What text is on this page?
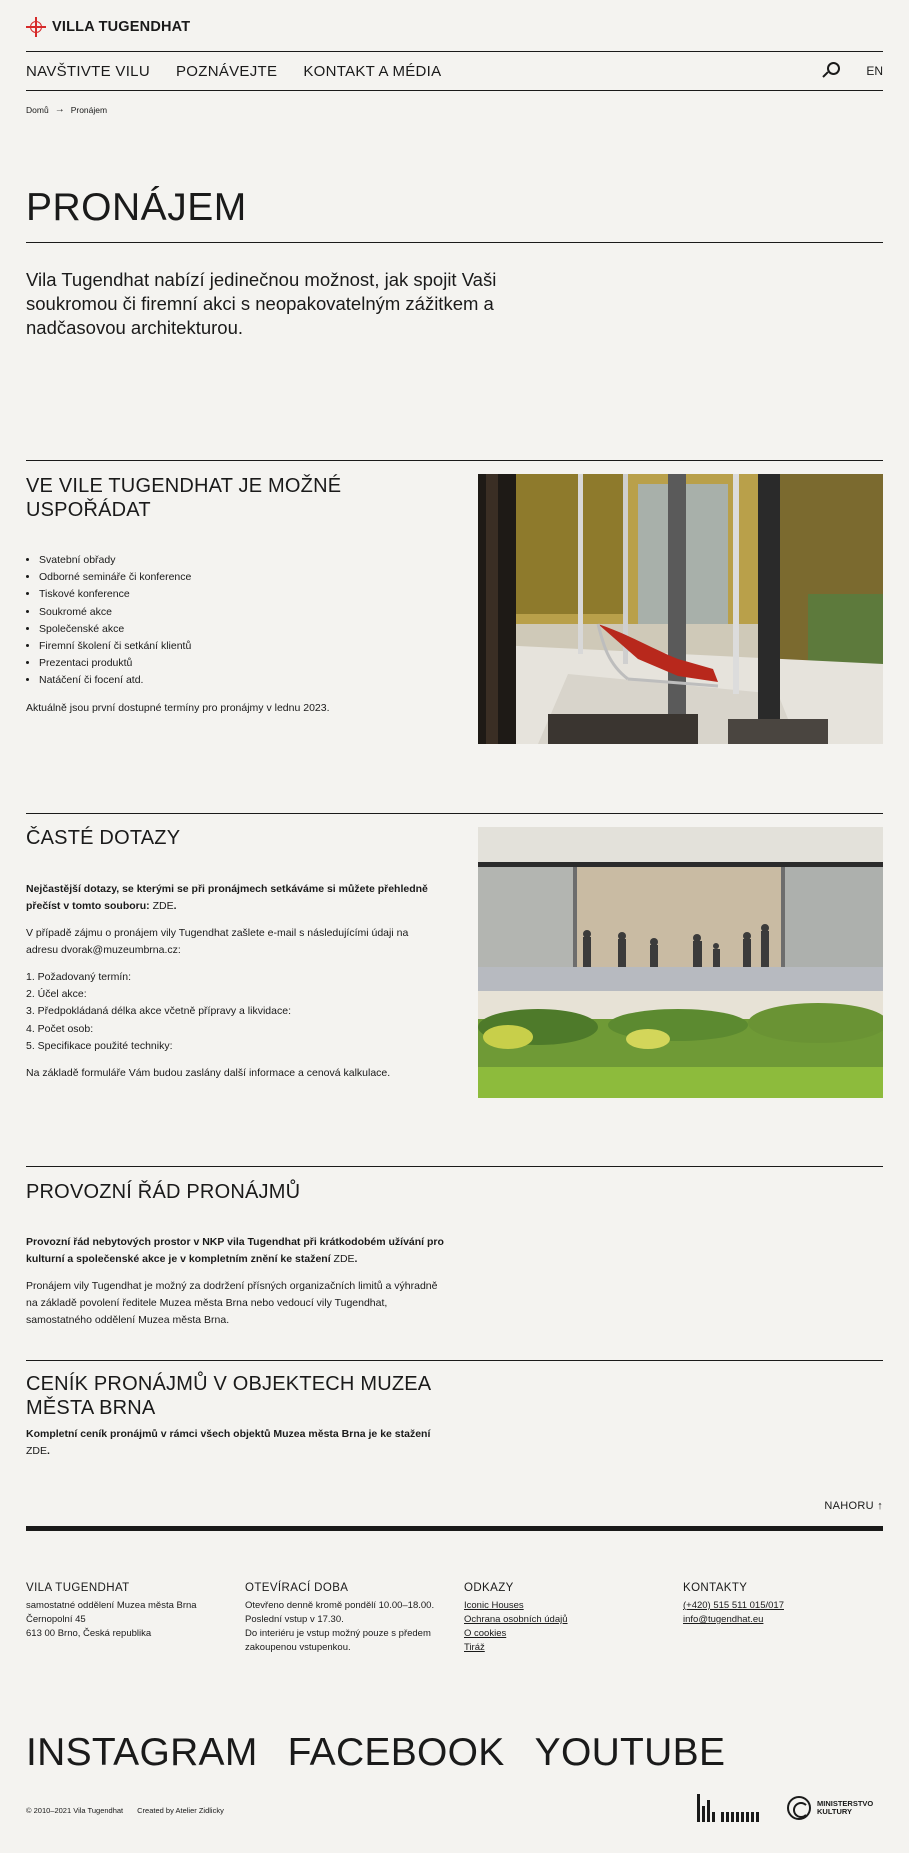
VILLA TUGENDHAT
NAVŠTIVTE VILU POZNÁVEJTE KONTAKT A MÉDIA	EN
Domů → Pronájem
PRONÁJEM

Vila Tugendhat nabízí jedinečnou možnost, jak spojit Vaši soukromou či firemní akci s neopakovatelným zážitkem a nadčasovou architekturou.

VE VILE TUGENDHAT JE MOŽNÉ USPOŘÁDAT
• Svatební obřady
• Odborné semináře či konference
• Tiskové konference
• Soukromé akce
• Společenské akce
• Firemní školení či setkání klientů
• Prezentaci produktů
• Natáčení či focení atd.

Aktuálně jsou první dostupné termíny pro pronájmy v lednu 2023.

ČASTÉ DOTAZY

Nejčastější dotazy, se kterými se při pronájmech setkáváme si můžete přehledně přečíst v tomto souboru: ZDE.

V případě zájmu o pronájem vily Tugendhat zašlete e-mail s následujícími údaji na adresu dvorak@muzeumbrna.cz:

1. Požadovaný termín:
2. Účel akce:
3. Předpokládaná délka akce včetně přípravy a likvidace:
4. Počet osob:
5. Specifikace použité techniky:

Na základě formuláře Vám budou zaslány další informace a cenová kalkulace.

PROVOZNÍ ŘÁD PRONÁJMŮ

Provozní řád nebytových prostor v NKP vila Tugendhat při krátkodobém užívání pro kulturní a společenské akce je v kompletním znění ke stažení ZDE.

Pronájem vily Tugendhat je možný za dodržení přísných organizačních limitů a výhradně na základě povolení ředitele Muzea města Brna nebo vedoucí vily Tugendhat, samostatného oddělení Muzea města Brna.

CENÍK PRONÁJMŮ V OBJEKTECH MUZEA MĚSTA BRNA

Kompletní ceník pronájmů v rámci všech objektů Muzea města Brna je ke stažení ZDE.

NAHORU ↑
VILA TUGENDHAT
samostatné oddělení Muzea města Brna
Černopolní 45
613 00 Brno, Česká republika
OTEVÍRACÍ DOBA
Otevřeno denně kromě pondělí 10.00–18.00.
Poslední vstup v 17.30.
Do interiéru je vstup možný pouze s předem zakoupenou vstupenkou.
ODKAZY
Iconic Houses
Ochrana osobních údajů
O cookies
Tiráž
KONTAKTY
(+420) 515 511 015/017
info@tugendhat.eu
INSTAGRAM FACEBOOK YOUTUBE
© 2010–2021 Vila Tugendhat Created by Atelier Zidlicky
MINISTERSTVO KULTURY
